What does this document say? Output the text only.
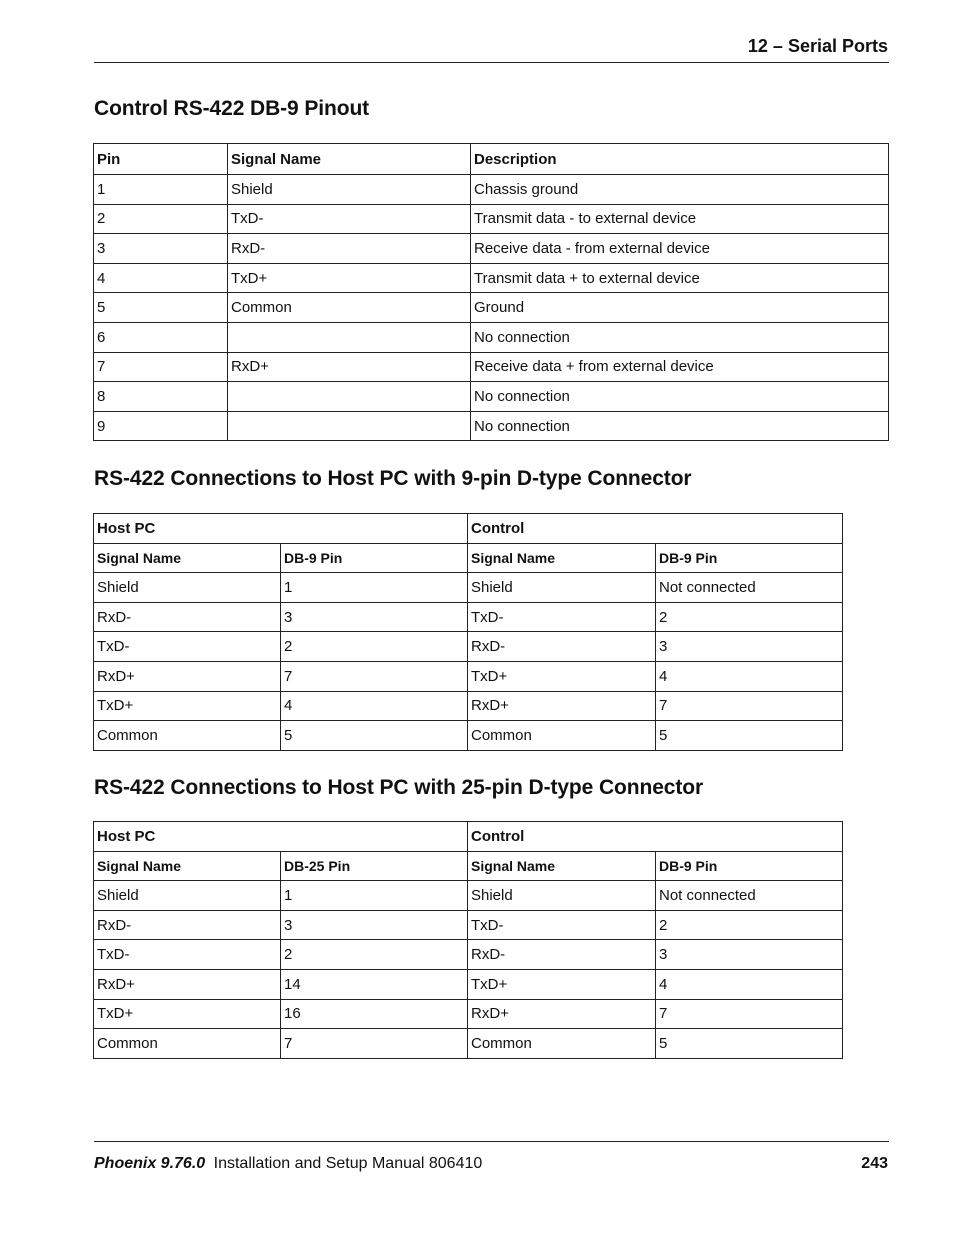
12 – Serial Ports
Control RS-422 DB-9 Pinout
Pin	Signal Name	Description
1	Shield	Chassis ground
2	TxD-	Transmit data - to external device
3	RxD-	Receive data - from external device
4	TxD+	Transmit data + to external device
5	Common	Ground
6		No connection
7	RxD+	Receive data + from external device
8		No connection
9		No connection
RS-422 Connections to Host PC with 9-pin D-type Connector
Host PC		Control	
Signal Name	DB-9 Pin	Signal Name	DB-9 Pin
Shield	1	Shield	Not connected
RxD-	3	TxD-	2
TxD-	2	RxD-	3
RxD+	7	TxD+	4
TxD+	4	RxD+	7
Common	5	Common	5
RS-422 Connections to Host PC with 25-pin D-type Connector
Host PC		Control	
Signal Name	DB-25 Pin	Signal Name	DB-9 Pin
Shield	1	Shield	Not connected
RxD-	3	TxD-	2
TxD-	2	RxD-	3
RxD+	14	TxD+	4
TxD+	16	RxD+	7
Common	7	Common	5
Phoenix 9.76.0 Installation and Setup Manual 806410	243
